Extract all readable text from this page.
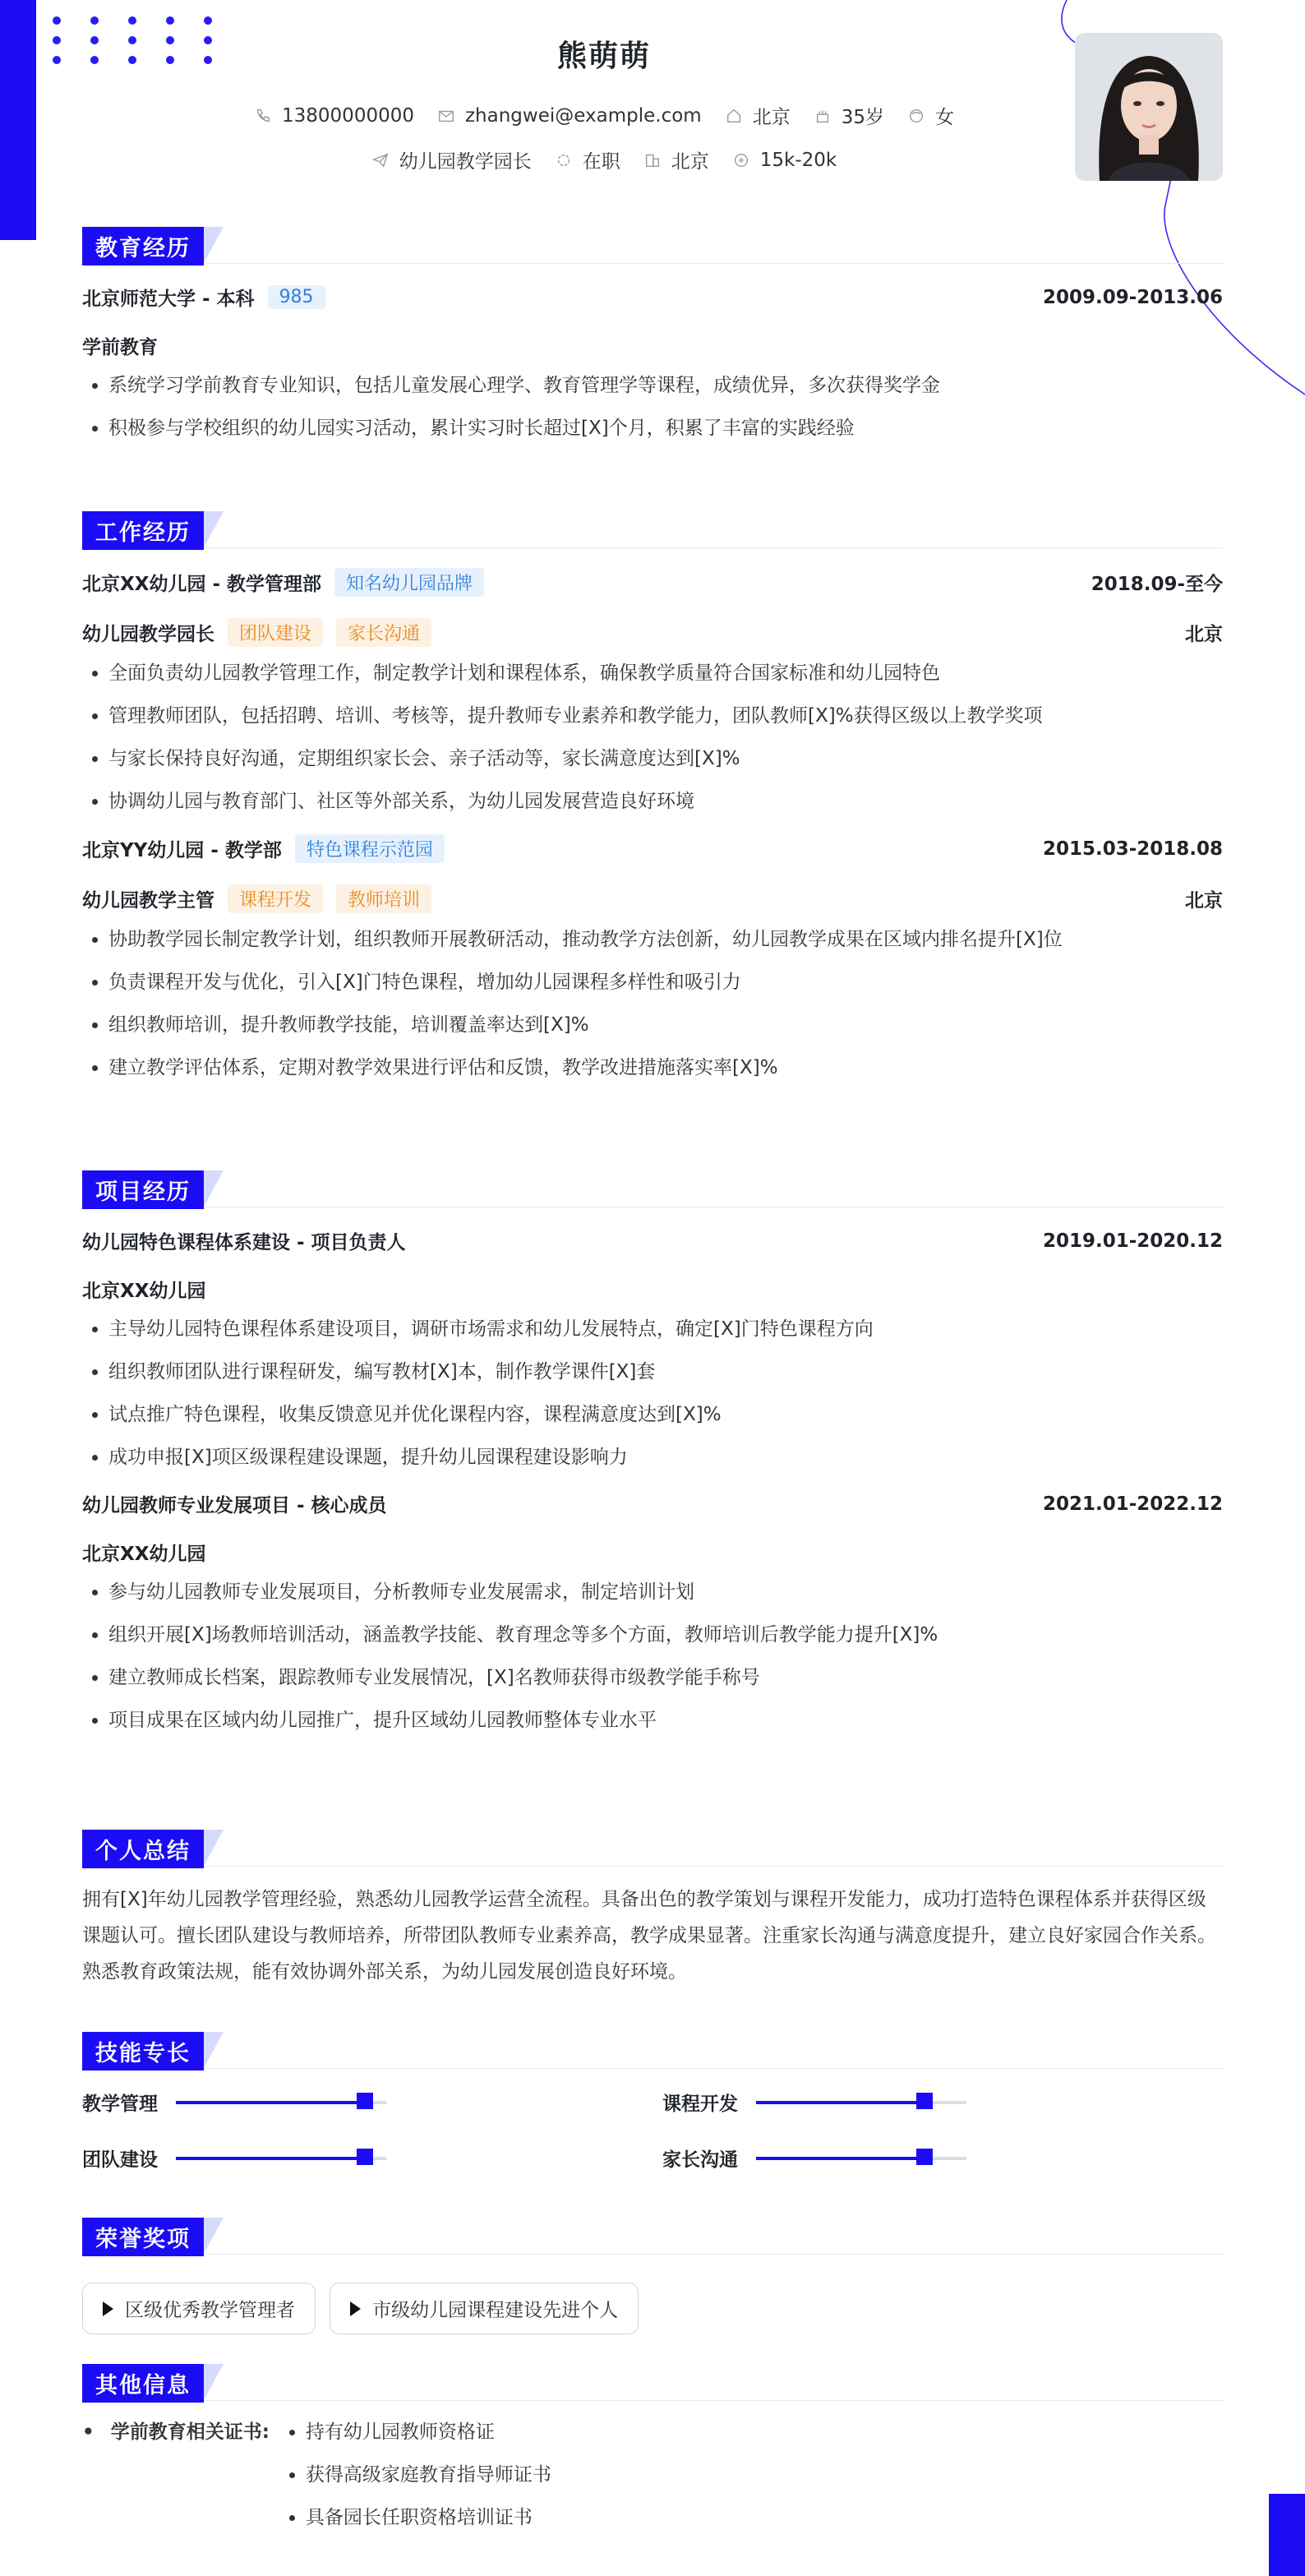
熊萌萌
13800000000	zhangwei@example.com	北京	35岁	女
幼儿园教学园长	在职	北京	15k-20k
教育经历
北京师范大学 - 本科	985	2009.09-2013.06
学前教育
• 系统学习学前教育专业知识，包括儿童发展心理学、教育管理学等课程，成绩优异，多次获得奖学金
• 积极参与学校组织的幼儿园实习活动，累计实习时长超过[X]个月，积累了丰富的实践经验
工作经历
北京XX幼儿园 - 教学管理部	知名幼儿园品牌	2018.09-至今
幼儿园教学园长	团队建设	家长沟通	北京
• 全面负责幼儿园教学管理工作，制定教学计划和课程体系，确保教学质量符合国家标准和幼儿园特色
• 管理教师团队，包括招聘、培训、考核等，提升教师专业素养和教学能力，团队教师[X]%获得区级以上教学奖项
• 与家长保持良好沟通，定期组织家长会、亲子活动等，家长满意度达到[X]%
• 协调幼儿园与教育部门、社区等外部关系，为幼儿园发展营造良好环境
北京YY幼儿园 - 教学部	特色课程示范园	2015.03-2018.08
幼儿园教学主管	课程开发	教师培训	北京
• 协助教学园长制定教学计划，组织教师开展教研活动，推动教学方法创新，幼儿园教学成果在区域内排名提升[X]位
• 负责课程开发与优化，引入[X]门特色课程，增加幼儿园课程多样性和吸引力
• 组织教师培训，提升教师教学技能，培训覆盖率达到[X]%
• 建立教学评估体系，定期对教学效果进行评估和反馈，教学改进措施落实率[X]%
项目经历
幼儿园特色课程体系建设 - 项目负责人	2019.01-2020.12
北京XX幼儿园
• 主导幼儿园特色课程体系建设项目，调研市场需求和幼儿发展特点，确定[X]门特色课程方向
• 组织教师团队进行课程研发，编写教材[X]本，制作教学课件[X]套
• 试点推广特色课程，收集反馈意见并优化课程内容，课程满意度达到[X]%
• 成功申报[X]项区级课程建设课题，提升幼儿园课程建设影响力
幼儿园教师专业发展项目 - 核心成员	2021.01-2022.12
北京XX幼儿园
• 参与幼儿园教师专业发展项目，分析教师专业发展需求，制定培训计划
• 组织开展[X]场教师培训活动，涵盖教学技能、教育理念等多个方面，教师培训后教学能力提升[X]%
• 建立教师成长档案，跟踪教师专业发展情况，[X]名教师获得市级教学能手称号
• 项目成果在区域内幼儿园推广，提升区域幼儿园教师整体专业水平
个人总结
拥有[X]年幼儿园教学管理经验，熟悉幼儿园教学运营全流程。具备出色的教学策划与课程开发能力，成功打造特色课程体系并获得区级课题认可。擅长团队建设与教师培养，所带团队教师专业素养高，教学成果显著。注重家长沟通与满意度提升，建立良好家园合作关系。熟悉教育政策法规，能有效协调外部关系，为幼儿园发展创造良好环境。
技能专长
教学管理	课程开发
团队建设	家长沟通
荣誉奖项
区级优秀教学管理者
	市级幼儿园课程建设先进个人
其他信息
• 学前教育相关证书:
• 持有幼儿园教师资格证
• 获得高级家庭教育指导师证书
• 具备园长任职资格培训证书
